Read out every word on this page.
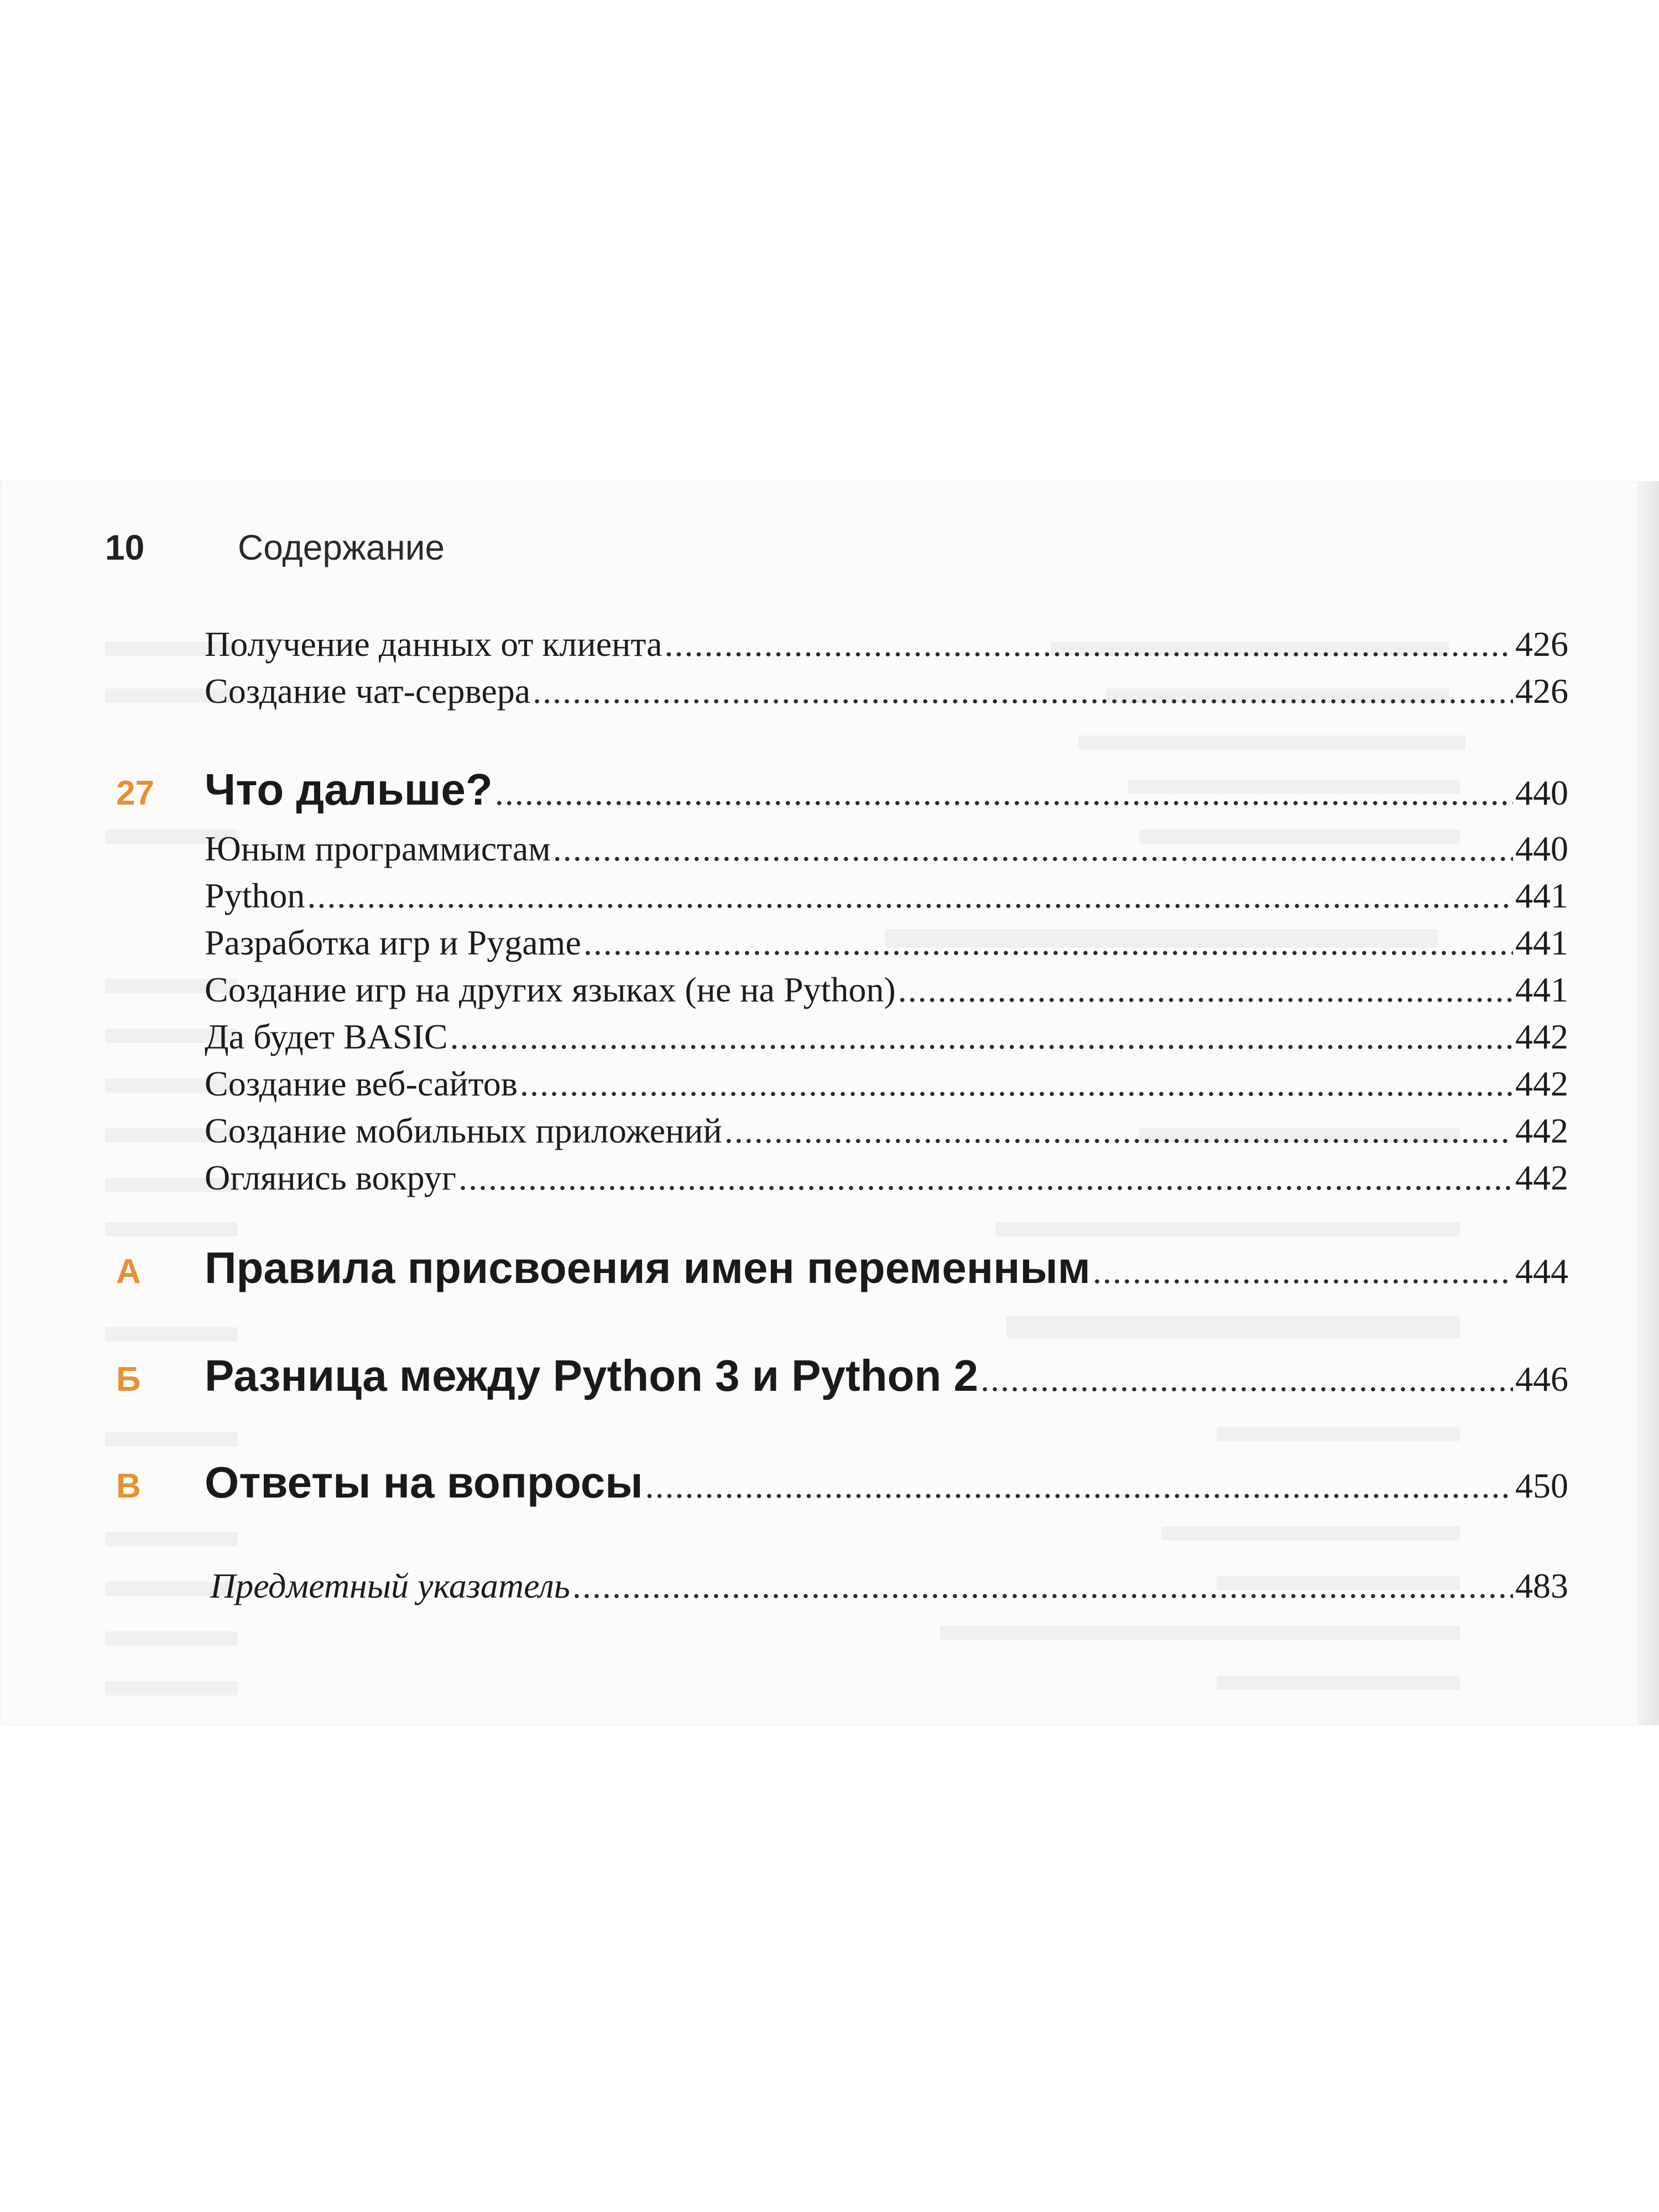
10	Содержание
Получение данных от клиента .....	426
Создание чат-сервера .....	426
27	Что дальше? .....	440
Юным программистам .....	440
Python .....	441
Разработка игр и Pygame .....	441
Создание игр на других языках (не на Python) .....	441
Да будет BASIC .....	442
Создание веб-сайтов .....	442
Создание мобильных приложений .....	442
Оглянись вокруг .....	442
А	Правила присвоения имен переменным .....	444
Б	Разница между Python 3 и Python 2 .....	446
В	Ответы на вопросы .....	450
Предметный указатель .....	483
